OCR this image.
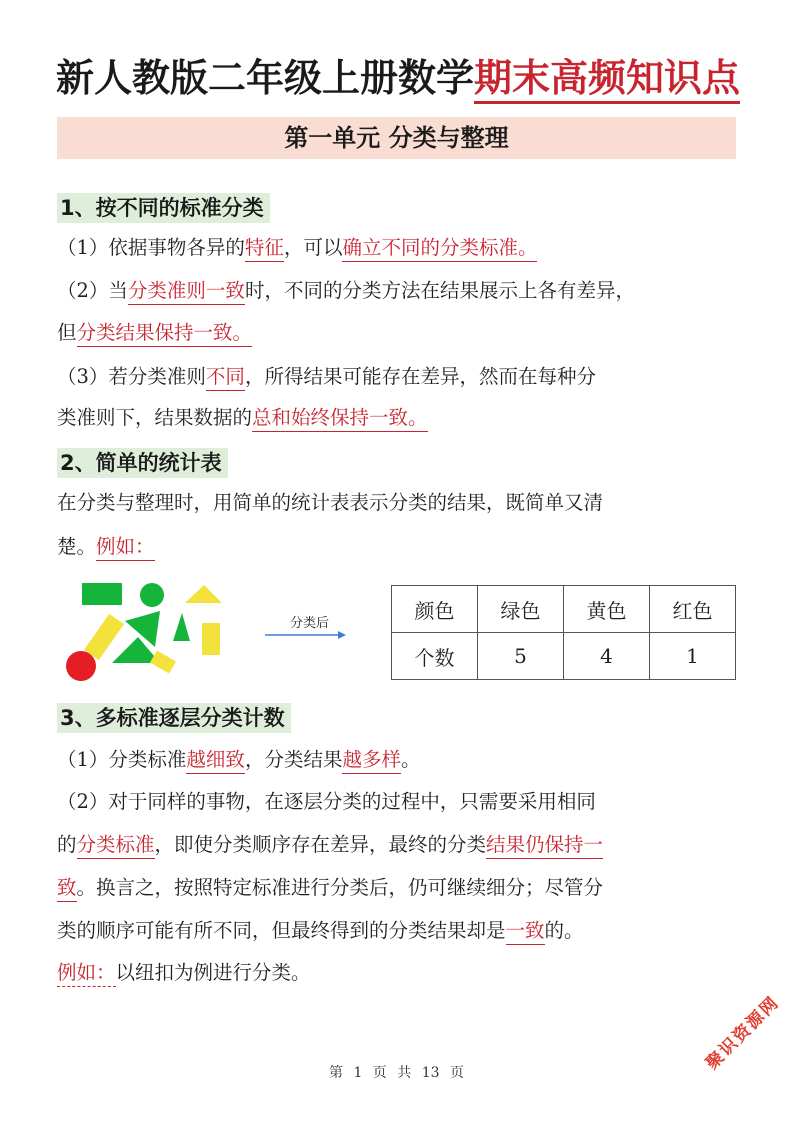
新人教版二年级上册数学期末高频知识点
第一单元 分类与整理
1、按不同的标准分类
（1）依据事物各异的特征，可以确立不同的分类标准。
（2）当分类准则一致时，不同的分类方法在结果展示上各有差异，
但分类结果保持一致。
（3）若分类准则不同，所得结果可能存在差异，然而在每种分
类准则下，结果数据的总和始终保持一致。
2、简单的统计表
在分类与整理时，用简单的统计表表示分类的结果，既简单又清
楚。例如：
分类后
颜色	绿色	黄色	红色
个数	5	4	1
3、多标准逐层分类计数
（1）分类标准越细致，分类结果越多样。
（2）对于同样的事物，在逐层分类的过程中，只需要采用相同
的分类标准，即使分类顺序存在差异，最终的分类结果仍保持一
致。换言之，按照特定标准进行分类后，仍可继续细分；尽管分
类的顺序可能有所不同，但最终得到的分类结果却是一致的。
例如：以纽扣为例进行分类。
聚识资源网
第 1 页 共 13 页
